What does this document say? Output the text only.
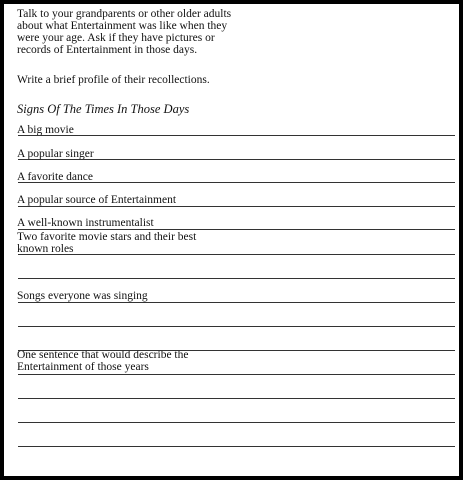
Talk to your grandparents or other older adults about what Entertainment was like when they were your age. Ask if they have pictures or records of Entertainment in those days.

Write a brief profile of their recollections.

Signs Of The Times In Those Days

A big movie

A popular singer

A favorite dance

A popular source of Entertainment

A well-known instrumentalist

Two favorite movie stars and their best known roles

Songs everyone was singing

One sentence that would describe the Entertainment of those years
